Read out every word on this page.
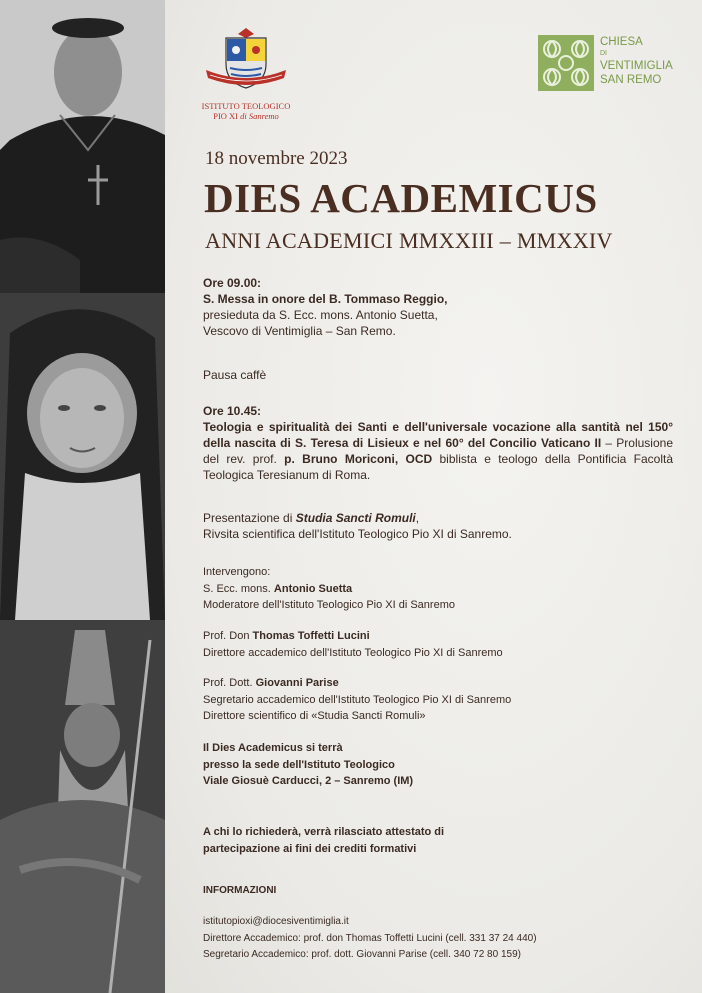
ISTITUTO TEOLOGICO
PIO XI di Sanremo
CHIESA
DI
VENTIMIGLIA
SAN REMO
18 novembre 2023
DIES ACADEMICUS
ANNI ACADEMICI MMXXIII – MMXXIV
Ore 09.00:
S. Messa in onore del B. Tommaso Reggio,
presieduta da S. Ecc. mons. Antonio Suetta,
Vescovo di Ventimiglia – San Remo.
Pausa caffè
Ore 10.45:
Teologia e spiritualità dei Santi e dell'universale vocazione alla santità nel 150° della nascita di S. Teresa di Lisieux e nel 60° del Concilio Vaticano II – Prolusione del rev. prof. p. Bruno Moriconi, OCD biblista e teologo della Pontificia Facoltà Teologica Teresianum di Roma.
Presentazione di Studia Sancti Romuli,
Rivsita scientifica dell'Istituto Teologico Pio XI di Sanremo.
Intervengono:
S. Ecc. mons. Antonio Suetta
Moderatore dell'Istituto Teologico Pio XI di Sanremo
Prof. Don Thomas Toffetti Lucini
Direttore accademico dell'Istituto Teologico Pio XI di Sanremo
Prof. Dott. Giovanni Parise
Segretario accademico dell'Istituto Teologico Pio XI di Sanremo
Direttore scientifico di «Studia Sancti Romuli»
Il Dies Academicus si terrà
presso la sede dell'Istituto Teologico
Viale Giosuè Carducci, 2 – Sanremo (IM)
A chi lo richiederà, verrà rilasciato attestato di
partecipazione ai fini dei crediti formativi
INFORMAZIONI
istitutopioxi@diocesiventimiglia.it
Direttore Accademico: prof. don Thomas Toffetti Lucini (cell. 331 37 24 440)
Segretario Accademico: prof. dott. Giovanni Parise (cell. 340 72 80 159)
